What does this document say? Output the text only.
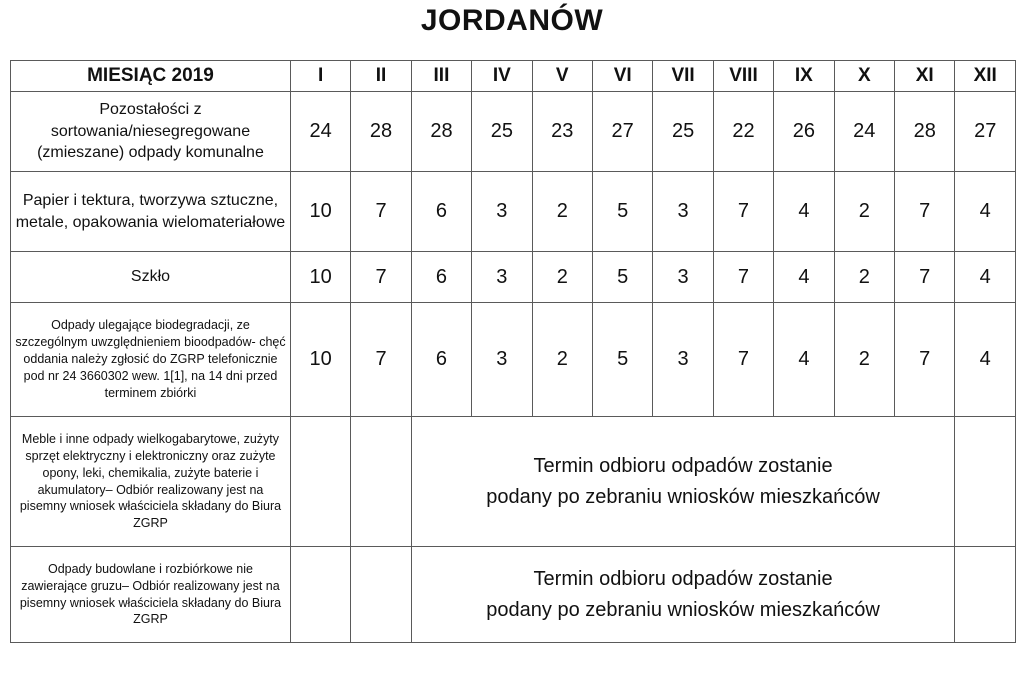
JORDANÓW
MIESIĄC 2019	I	II	III	IV	V	VI	VII	VIII	IX	X	XI	XII
Pozostałości z sortowania/niesegregowane (zmieszane) odpady komunalne	24	28	28	25	23	27	25	22	26	24	28	27
Papier i tektura, tworzywa sztuczne, metale, opakowania wielomateriałowe	10	7	6	3	2	5	3	7	4	2	7	4
Szkło	10	7	6	3	2	5	3	7	4	2	7	4
Odpady ulegające biodegradacji, ze szczególnym uwzględnieniem bioodpadów- chęć oddania należy zgłosić do ZGRP telefonicznie pod nr 24 3660302 wew. 1[1], na 14 dni przed terminem zbiórki	10	7	6	3	2	5	3	7	4	2	7	4
Meble i inne odpady wielkogabarytowe, zużyty sprzęt elektryczny i elektroniczny oraz zużyte opony, leki, chemikalia, zużyte baterie i akumulatory– Odbiór realizowany jest na pisemny wniosek właściciela składany do Biura ZGRP			Termin odbioru odpadów zostanie
podany po zebraniu wniosków mieszkańców									
Odpady budowlane i rozbiórkowe nie zawierające gruzu– Odbiór realizowany jest na pisemny wniosek właściciela składany do Biura ZGRP			Termin odbioru odpadów zostanie
podany po zebraniu wniosków mieszkańców									
